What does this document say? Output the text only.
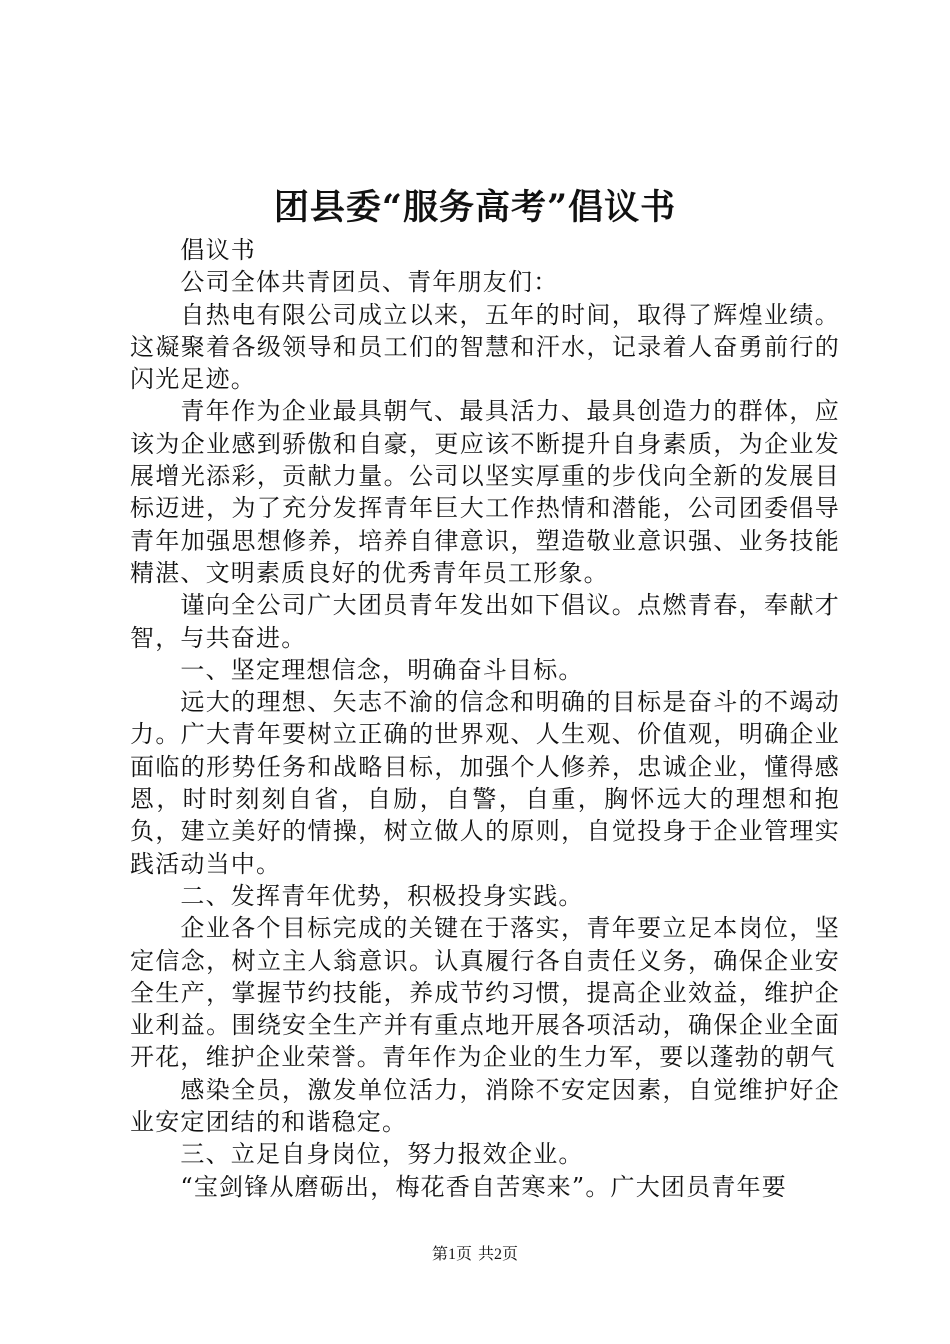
团县委“服务高考”倡议书

倡议书

公司全体共青团员、青年朋友们：

自热电有限公司成立以来，五年的时间，取得了辉煌业绩。这凝聚着各级领导和员工们的智慧和汗水，记录着人奋勇前行的闪光足迹。

青年作为企业最具朝气、最具活力、最具创造力的群体，应该为企业感到骄傲和自豪，更应该不断提升自身素质，为企业发展增光添彩，贡献力量。公司以坚实厚重的步伐向全新的发展目标迈进，为了充分发挥青年巨大工作热情和潜能，公司团委倡导青年加强思想修养，培养自律意识，塑造敬业意识强、业务技能精湛、文明素质良好的优秀青年员工形象。

谨向全公司广大团员青年发出如下倡议。点燃青春，奉献才智，与共奋进。

一、坚定理想信念，明确奋斗目标。

远大的理想、矢志不渝的信念和明确的目标是奋斗的不竭动力。广大青年要树立正确的世界观、人生观、价值观，明确企业面临的形势任务和战略目标，加强个人修养，忠诚企业，懂得感恩，时时刻刻自省，自励，自警，自重，胸怀远大的理想和抱负，建立美好的情操，树立做人的原则，自觉投身于企业管理实践活动当中。

二、发挥青年优势，积极投身实践。

企业各个目标完成的关键在于落实，青年要立足本岗位，坚定信念，树立主人翁意识。认真履行各自责任义务，确保企业安全生产，掌握节约技能，养成节约习惯，提高企业效益，维护企业利益。围绕安全生产并有重点地开展各项活动，确保企业全面开花，维护企业荣誉。青年作为企业的生力军，要以蓬勃的朝气

感染全员，激发单位活力，消除不安定因素，自觉维护好企业安定团结的和谐稳定。

三、立足自身岗位，努力报效企业。

“宝剑锋从磨砺出，梅花香自苦寒来”。广大团员青年要

第1页 共2页
